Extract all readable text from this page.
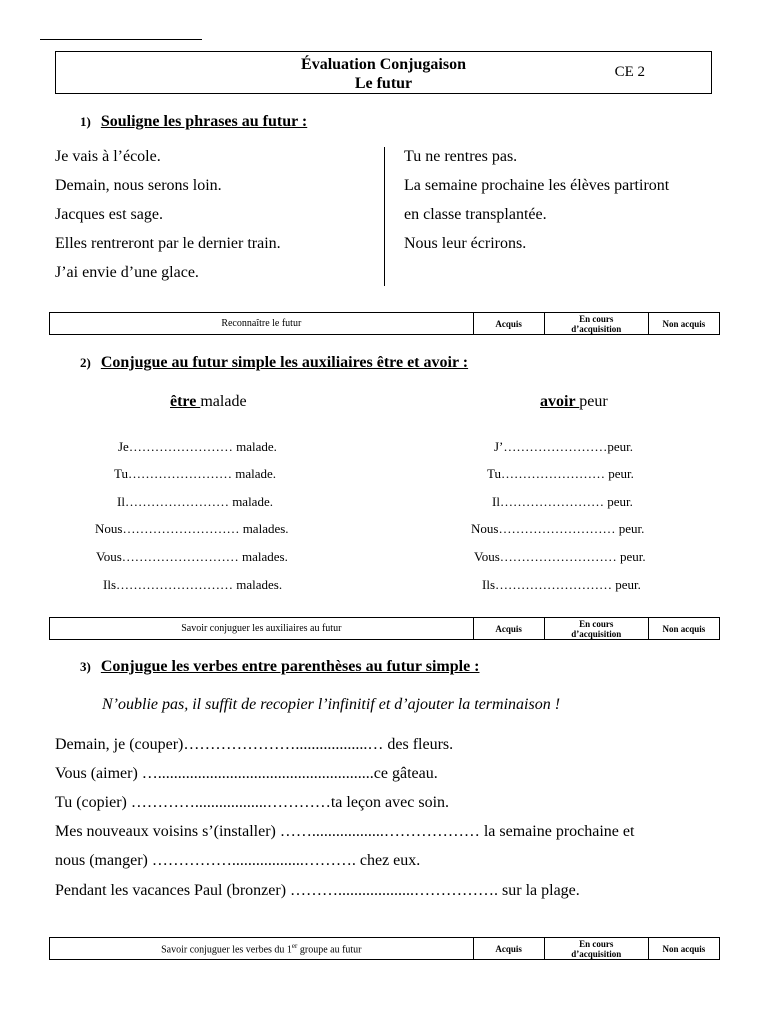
Évaluation Conjugaison
Le futur
CE 2
1) Souligne les phrases au futur :
Je vais à l’école.
Demain, nous serons loin.
Jacques est sage.
Elles rentreront par le dernier train.
J’ai envie d’une glace.
Tu ne rentres pas.
La semaine prochaine les élèves partiront
en classe transplantée.
Nous leur écrirons.
Reconnaître le futur	Acquis	En cours
d’acquisition	Non acquis
2) Conjugue au futur simple les auxiliaires être et avoir :
être malade	avoir peur
Je…………………… malade.
Tu…………………… malade.
Il…………………… malade.
Nous……………………… malades.
Vous……………………… malades.
Ils……………………… malades.
J’……………………peur.
Tu…………………… peur.
Il…………………… peur.
Nous……………………… peur.
Vous……………………… peur.
Ils……………………… peur.
Savoir conjuguer les auxiliaires au futur	Acquis	En cours
d’acquisition	Non acquis
3) Conjugue les verbes entre parenthèses au futur simple :
N’oublie pas, il suffit de recopier l’infinitif et d’ajouter la terminaison !
Demain, je (couper)…………………..................… des fleurs.
Vous (aimer) …......................................................ce gâteau.
Tu (copier) …………..................…………ta leçon avec soin.
Mes nouveaux voisins s’(installer) ……..................……………… la semaine prochaine et
nous (manger) ……………..................………. chez eux.
Pendant les vacances Paul (bronzer) ………...................……………. sur la plage.
Savoir conjuguer les verbes du 1er groupe au futur	Acquis	En cours
d’acquisition	Non acquis
